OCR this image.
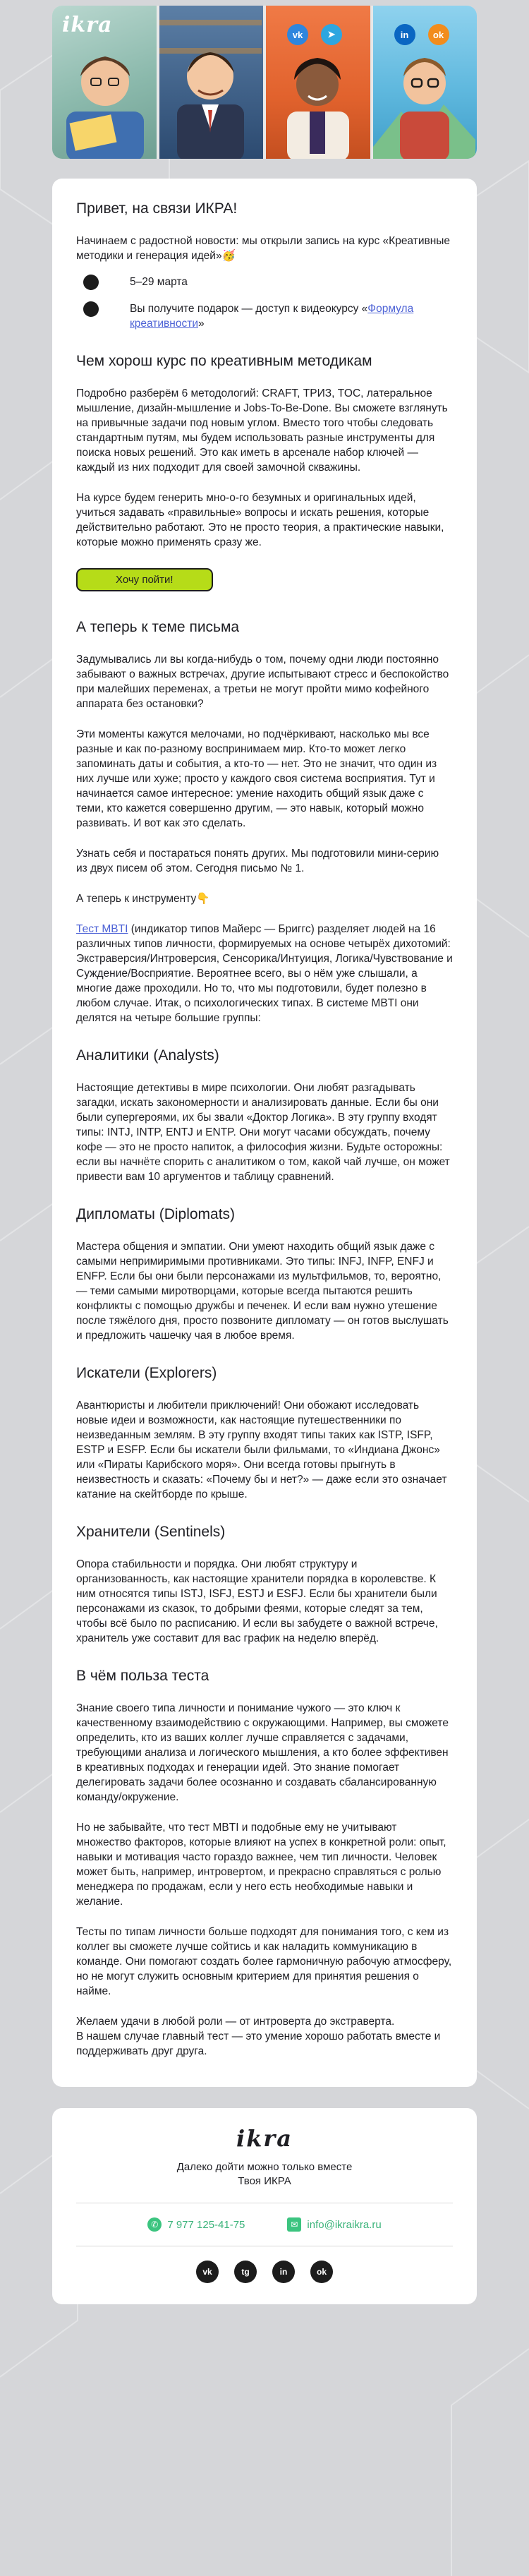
ikra	vk	➤	in	ok
Привет, на связи ИКРА!

Начинаем с радостной новости: мы открыли запись на курс «Креативные методики и генерация идей»🥳

5–29 марта
Вы получите подарок — доступ к видеокурсу «Формула креативности»
Чем хорош курс по креативным методикам

Подробно разберём 6 методологий: CRAFT, ТРИЗ, TOC, латеральное мышление, дизайн-мышление и Jobs-To-Be-Done. Вы сможете взглянуть на привычные задачи под новым углом. Вместо того чтобы следовать стандартным путям, мы будем использовать разные инструменты для поиска новых решений. Это как иметь в арсенале набор ключей — каждый из них подходит для своей замочной скважины.

На курсе будем генерить мно-о-го безумных и оригинальных идей, учиться задавать «правильные» вопросы и искать решения, которые действительно работают. Это не просто теория, а практические навыки, которые можно применять сразу же.

Хочу пойти!
А теперь к теме письма

Задумывались ли вы когда-нибудь о том, почему одни люди постоянно забывают о важных встречах, другие испытывают стресс и беспокойство при малейших переменах, а третьи не могут пройти мимо кофейного аппарата без остановки?

Эти моменты кажутся мелочами, но подчёркивают, насколько мы все разные и как по-разному воспринимаем мир. Кто-то может легко запоминать даты и события, а кто-то — нет. Это не значит, что один из них лучше или хуже; просто у каждого своя система восприятия. Тут и начинается самое интересное: умение находить общий язык даже с теми, кто кажется совершенно другим, — это навык, который можно развивать. И вот как это сделать.

Узнать себя и постараться понять других. Мы подготовили мини-серию из двух писем об этом. Сегодня письмо № 1.

А теперь к инструменту👇

Тест MBTI (индикатор типов Майерс — Бриггс) разделяет людей на 16 различных типов личности, формируемых на основе четырёх дихотомий: Экстраверсия/Интроверсия, Сенсорика/Интуиция, Логика/Чувствование и Суждение/Восприятие. Вероятнее всего, вы о нём уже слышали, а многие даже проходили. Но то, что мы подготовили, будет полезно в любом случае. Итак, о психологических типах. В системе MBTI они делятся на четыре большие группы:

Аналитики (Analysts)

Настоящие детективы в мире психологии. Они любят разгадывать загадки, искать закономерности и анализировать данные. Если бы они были супергероями, их бы звали «Доктор Логика». В эту группу входят типы: INTJ, INTP, ENTJ и ENTP. Они могут часами обсуждать, почему кофе — это не просто напиток, а философия жизни. Будьте осторожны: если вы начнёте спорить с аналитиком о том, какой чай лучше, он может привести вам 10 аргументов и таблицу сравнений.

Дипломаты (Diplomats)

Мастера общения и эмпатии. Они умеют находить общий язык даже с самыми непримиримыми противниками. Это типы: INFJ, INFP, ENFJ и ENFP. Если бы они были персонажами из мультфильмов, то, вероятно, — теми самыми миротворцами, которые всегда пытаются решить конфликты с помощью дружбы и печенек. И если вам нужно утешение после тяжёлого дня, просто позвоните дипломату — он готов выслушать и предложить чашечку чая в любое время.

Искатели (Explorers)

Авантюристы и любители приключений! Они обожают исследовать новые идеи и возможности, как настоящие путешественники по неизведанным землям. В эту группу входят типы таких как ISTP, ISFP, ESTP и ESFP. Если бы искатели были фильмами, то «Индиана Джонс» или «Пираты Карибского моря». Они всегда готовы прыгнуть в неизвестность и сказать: «Почему бы и нет?» — даже если это означает катание на скейтборде по крыше.

Хранители (Sentinels)

Опора стабильности и порядка. Они любят структуру и организованность, как настоящие хранители порядка в королевстве. К ним относятся типы ISTJ, ISFJ, ESTJ и ESFJ. Если бы хранители были персонажами из сказок, то добрыми феями, которые следят за тем, чтобы всё было по расписанию. И если вы забудете о важной встрече, хранитель уже составит для вас график на неделю вперёд.

В чём польза теста

Знание своего типа личности и понимание чужого — это ключ к качественному взаимодействию с окружающими. Например, вы сможете определить, кто из ваших коллег лучше справляется с задачами, требующими анализа и логического мышления, а кто более эффективен в креативных подходах и генерации идей. Это знание помогает делегировать задачи более осознанно и создавать сбалансированную команду/окружение.

Но не забывайте, что тест MBTI и подобные ему не учитывают множество факторов, которые влияют на успех в конкретной роли: опыт, навыки и мотивация часто гораздо важнее, чем тип личности. Человек может быть, например, интровертом, и прекрасно справляться с ролью менеджера по продажам, если у него есть необходимые навыки и желание.

Тесты по типам личности больше подходят для понимания того, с кем из коллег вы сможете лучше сойтись и как наладить коммуникацию в команде. Они помогают создать более гармоничную рабочую атмосферу, но не могут служить основным критерием для принятия решения о найме.

Желаем удачи в любой роли — от интроверта до экстраверта.
В нашем случае главный тест — это умение хорошо работать вместе и поддерживать друг друга.

ikra
Далеко дойти можно только вместе
Твоя ИКРА
✆ 7 977 125-41-75	✉ info@ikraikra.ru
vk	tg	in	ok
